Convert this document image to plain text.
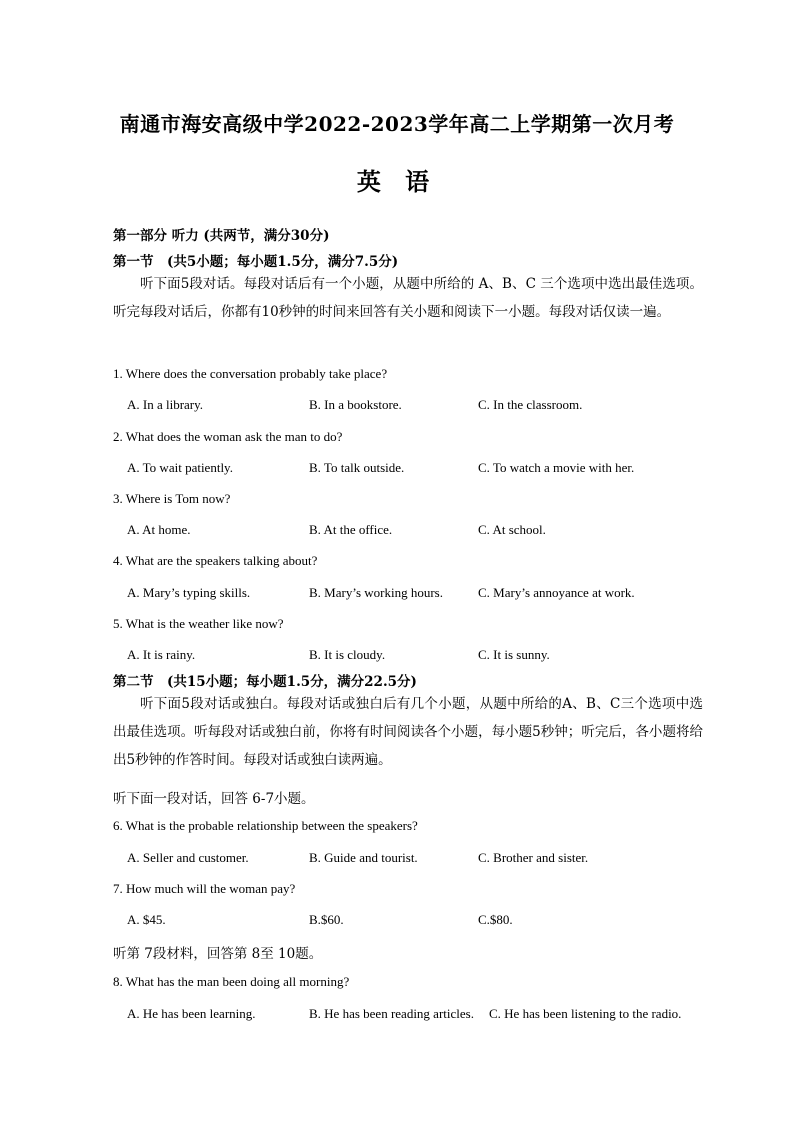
南通市海安高级中学2022-2023学年高二上学期第一次月考
英 语
第一部分 听力 (共两节，满分30分)
第一节　(共5小题；每小题1.5分，满分7.5分)
听下面5段对话。每段对话后有一个小题，从题中所给的 A、B、C 三个选项中选出最佳选项。听完每段对话后，你都有10秒钟的时间来回答有关小题和阅读下一小题。每段对话仅读一遍。
1. Where does the conversation probably take place?
A. In a library.	B. In a bookstore.	C. In the classroom.
2. What does the woman ask the man to do?
A. To wait patiently.	B. To talk outside.	C. To watch a movie with her.
3. Where is Tom now?
A. At home.	B. At the office.	C. At school.
4. What are the speakers talking about?
A. Mary’s typing skills.	B. Mary’s working hours.	C. Mary’s annoyance at work.
5. What is the weather like now?
A. It is rainy.	B. It is cloudy.	C. It is sunny.
第二节　(共15小题；每小题1.5分，满分22.5分)
听下面5段对话或独白。每段对话或独白后有几个小题，从题中所给的A、B、C三个选项中选出最佳选项。听每段对话或独白前，你将有时间阅读各个小题，每小题5秒钟；听完后，各小题将给出5秒钟的作答时间。每段对话或独白读两遍。
听下面一段对话，回答 6-7小题。
6. What is the probable relationship between the speakers?
A. Seller and customer.	B. Guide and tourist.	C. Brother and sister.
7. How much will the woman pay?
A. $45.	B.$60.	C.$80.
听第 7段材料，回答第 8至 10题。
8. What has the man been doing all morning?
A. He has been learning.	B. He has been reading articles. C. He has been listening to the radio.
